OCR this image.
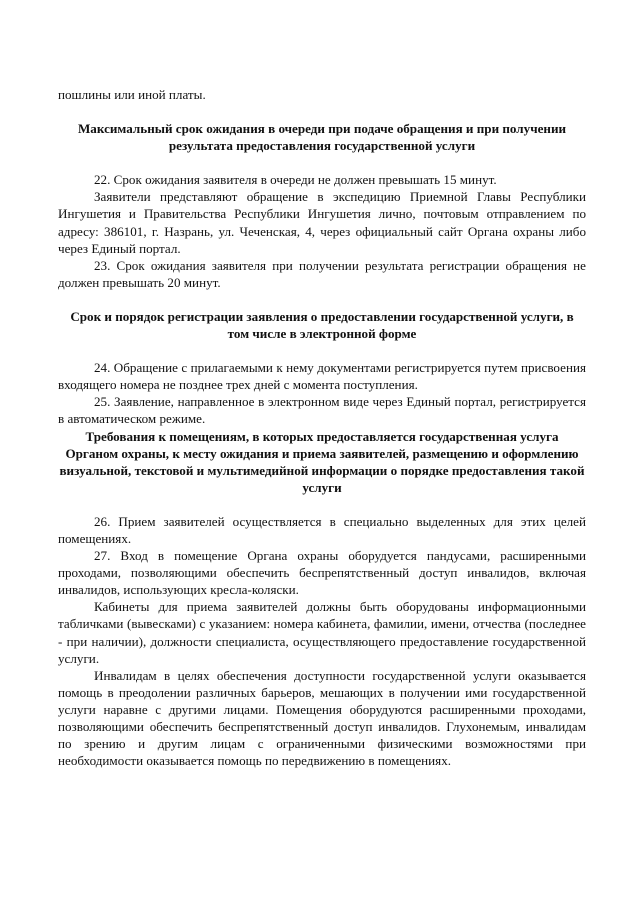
пошлины или иной платы.

Максимальный срок ожидания в очереди при подаче обращения и при получении результата предоставления государственной услуги

22. Срок ожидания заявителя в очереди не должен превышать 15 минут.

Заявители представляют обращение в экспедицию Приемной Главы Республики Ингушетия и Правительства Республики Ингушетия лично, почтовым отправлением по адресу: 386101, г. Назрань, ул. Чеченская, 4, через официальный сайт Органа охраны либо через Единый портал.

23. Срок ожидания заявителя при получении результата регистрации обращения не должен превышать 20 минут.

Срок и порядок регистрации заявления о предоставлении государственной услуги, в том числе в электронной форме

24. Обращение с прилагаемыми к нему документами регистрируется путем присвоения входящего номера не позднее трех дней с момента поступления.

25. Заявление, направленное в электронном виде через Единый портал, регистрируется в автоматическом режиме.

Требования к помещениям, в которых предоставляется государственная услуга Органом охраны, к месту ожидания и приема заявителей, размещению и оформлению визуальной, текстовой и мультимедийной информации о порядке предоставления такой услуги

26. Прием заявителей осуществляется в специально выделенных для этих целей помещениях.

27. Вход в помещение Органа охраны оборудуется пандусами, расширенными проходами, позволяющими обеспечить беспрепятственный доступ инвалидов, включая инвалидов, использующих кресла-коляски.

Кабинеты для приема заявителей должны быть оборудованы информационными табличками (вывесками) с указанием: номера кабинета, фамилии, имени, отчества (последнее - при наличии), должности специалиста, осуществляющего предоставление государственной услуги.

Инвалидам в целях обеспечения доступности государственной услуги оказывается помощь в преодолении различных барьеров, мешающих в получении ими государственной услуги наравне с другими лицами. Помещения оборудуются расширенными проходами, позволяющими обеспечить беспрепятственный доступ инвалидов. Глухонемым, инвалидам по зрению и другим лицам с ограниченными физическими возможностями при необходимости оказывается помощь по передвижению в помещениях.
